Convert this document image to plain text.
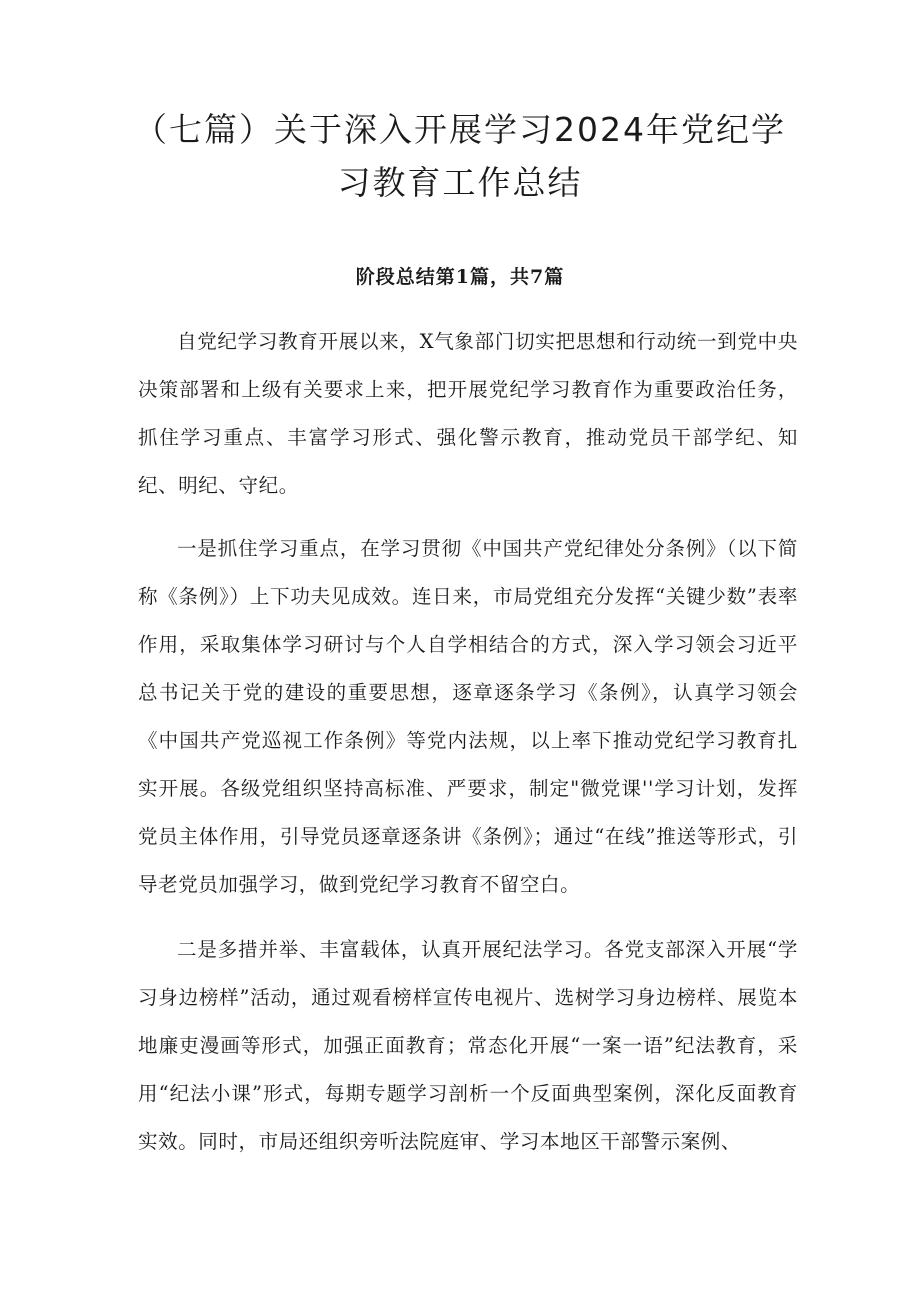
（七篇）关于深入开展学习2024年党纪学
习教育工作总结
阶段总结第1篇，共7篇

自党纪学习教育开展以来，X气象部门切实把思想和行动统一到党中央决策部署和上级有关要求上来，把开展党纪学习教育作为重要政治任务，抓住学习重点、丰富学习形式、强化警示教育，推动党员干部学纪、知纪、明纪、守纪。

一是抓住学习重点，在学习贯彻《中国共产党纪律处分条例》（以下简称《条例》）上下功夫见成效。连日来，市局党组充分发挥“关键少数”表率作用，采取集体学习研讨与个人自学相结合的方式，深入学习领会习近平总书记关于党的建设的重要思想，逐章逐条学习《条例》，认真学习领会《中国共产党巡视工作条例》等党内法规，以上率下推动党纪学习教育扎实开展。各级党组织坚持高标准、严要求，制定"微党课''学习计划，发挥党员主体作用，引导党员逐章逐条讲《条例》；通过“在线”推送等形式，引导老党员加强学习，做到党纪学习教育不留空白。

二是多措并举、丰富载体，认真开展纪法学习。各党支部深入开展“学习身边榜样”活动，通过观看榜样宣传电视片、选树学习身边榜样、展览本地廉吏漫画等形式，加强正面教育；常态化开展“一案一语”纪法教育，采用“纪法小课”形式，每期专题学习剖析一个反面典型案例，深化反面教育实效。同时，市局还组织旁听法院庭审、学习本地区干部警示案例、
